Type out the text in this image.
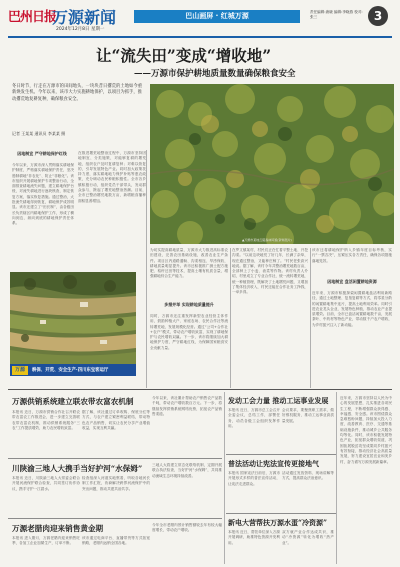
巴州日报
万源新闻
2024年12月8日 星期一
巴山画屏 · 红城万源	责任编辑:唐晓 编辑:李晓燕 校对:张三	3
让“流失田”变成“增收地”
——万源市保护耕地质量数量确保粮食安全
冬日时节，行走在万源市的田间地头，一块块昔日撂荒的土地如今重新焕发生机。今年以来，该市大力实施耕地保护，以项目为抓手，推动撂荒地复耕复种，确保粮食安全。
记者 王某某 通讯员 李某某 摄
▲万源市某地丘陵森林风貌(资料图片)
因地制宜 严守耕地保护红线
今年以来，万源市深入贯彻落实耕地保护制度，严格落实耕地保护责任，坚决遏制耕地“非农化”、防止“非粮化”。该市组织开展耕地保护专项整治行动，全面排查耕地流失问题，建立耕地保护台账，对流失耕地进行逐块核查，制定恢复方案，落实恢复措施。通过整治，大批流失耕地得到恢复，耕地保护成效明显。该市还建立了“田长制”，由各级田长负责辖区内耕地保护工作，形成了横向到边、纵向到底的耕地保护责任体系。
在推进撂荒地整治过程中，万源市坚持因地制宜、分类施策，对能够复耕的撂荒地，组织农户及时复耕复种；对难以恢复的，引导发展特色产业。同时加大政策扶持力度，落实耕地地力保护补贴等惠农政策，充分调动农民种粮积极性。全市各乡镇积极行动，组织党员干部带头，发动群众参与，掀起了撂荒地整治热潮。目前，全市已整治撂荒地数万亩，新增粮食播种面积显著增加。
为切实提高耕地质量，万源市大力推进高标准农田建设，完善农田基础设施，改善农业生产条件。项目区内道路通畅、沟渠相连、旱涝保收，耕地质量明显提升。该市还积极推广测土配方施肥、秸秆还田等技术，提高土壤有机质含量，增强耕地综合生产能力。
多措并举 实现耕地质量提升
同时，万源市还注重发挥新型农业经营主体作用，鼓励种植大户、家庭农场、农民合作社等流转撂荒地，发展规模化经营。通过“公司+合作社+农户”模式，带动农户增收致富，实现了耕地保护与农民增收双赢。下一步，该市将继续加大耕地保护力度，严守耕地红线，为保障国家粮食安全贡献力量。
在罗文镇某村，村民们正在忙着平整土地、开挖沟渠。“以前这块地荒了好几年，长满了杂草，现在通过整治，又能种庄稼了。”村民老张高兴地说。据了解，该村今年共整治撂荒地数百亩，全部种上了小麦、油菜等作物。该村负责人介绍，村里成立了专业合作社，统一流转撂荒地，统一种植管理，既解决了土地撂荒问题，又增加了集体经济收入，村民还能在合作社务工挣钱，一举多得。
因地制宜 盘活闲置耕地资源
该市还将耕地保护纳入乡镇年度目标考核，实行“一票否决”，压紧压实各方责任，确保各项措施落地见效。
近年来，万源市积极探索闲置耕地盘活利用新路径，通过土地整理、复垦复耕等方式，将零星分散的闲置耕地集中连片，提高土地利用效率。同时引进农业龙头企业，发展特色种植，推动农业产业提质增效。目前，全市已盘活闲置耕地数千亩，发展茶叶、中药材等特色产业，带动数千户农户增收，为乡村振兴注入了新动能。
万源	耕保、开荒、安全生产·四川东宝客运厅
万源供销系统建立联农带农富农机制
本报讯 近日，万源市供销合作社召开联农带农富农工作推进会，进一步建立完善联农带农富农机制，推动供销系统服务“三农”工作提质增效，助力农民增收致富。
据了解，该社通过订单收购、保底分红等方式，与农户建立紧密利益联结，带动特色农产品销售，切实让农民分享产业增值收益，实现互利共赢。
今年以来，该社累计帮助农户销售农产品数千吨，带动农户增收数百万元。下一步，将继续发挥供销系统网络优势，拓宽农产品销售渠道。
川陕渝三地人大携手当好护河“水保姆”
本报讯 近日，川陕渝三地人大常委会联合开展河流保护联合检查，共同签订协作协议，携手守护一江碧水。
检查组深入河道实地察看，听取各地河长制工作汇报，协商解决跨界河流保护中的突出问题，推动共建共治共享。
三地人大将建立常态化联络机制，定期开展联合执法检查，当好护河“水保姆”，共同推动流域生态环境持续改善。
万源老腊肉迎来销售黄金期
本报讯 进入腊月，万源老腊肉迎来销售旺季，各加工企业加紧生产，订单不断。
该市通过电商平台、直播带货等方式拓宽销路，老腊肉远销全国各地。
今年全市老腊肉预计销售额较去年有较大幅度增长，带动农户增收。
发动工会力量 推动工运事业发展
本报讯 近日，万源市总工会召开全委会议，总结工作，部署任务，动员各级工会组织发挥作用。
会议要求，要聚焦职工需求，做好维权服务，推动工运事业高质量发展。
普法活动让宪法宣传更接地气
本报讯 国家宪法日前后，万源市开展形式多样的普法宣传活动，让宪法走进群众。
活动通过发放资料、现场讲解等方式，提高群众法治意识。
新电大营帮扶万源水蛋“冷资源”
本报讯 近日，帮扶单位深入万源开展调研，助推特色资源开发利用。
双方就产业合作达成共识，推动“冷资源”转化为增收“热产业”。
近年来，万源市坚持以人民为中心的发展思想，扎实推进各项民生工程，不断增强群众获得感、幸福感、安全感。该市围绕群众急难愁盼问题，持续加大投入力度，改善教育、医疗、交通等基础设施条件，推动城乡公共服务均等化。同时，该市积极发展特色产业，拓宽群众增收渠道，巩固拓展脱贫攻坚成果同乡村振兴有效衔接，推动经济社会高质量发展，努力建设宜居宜业和美乡村，奋力谱写万源发展新篇章。
